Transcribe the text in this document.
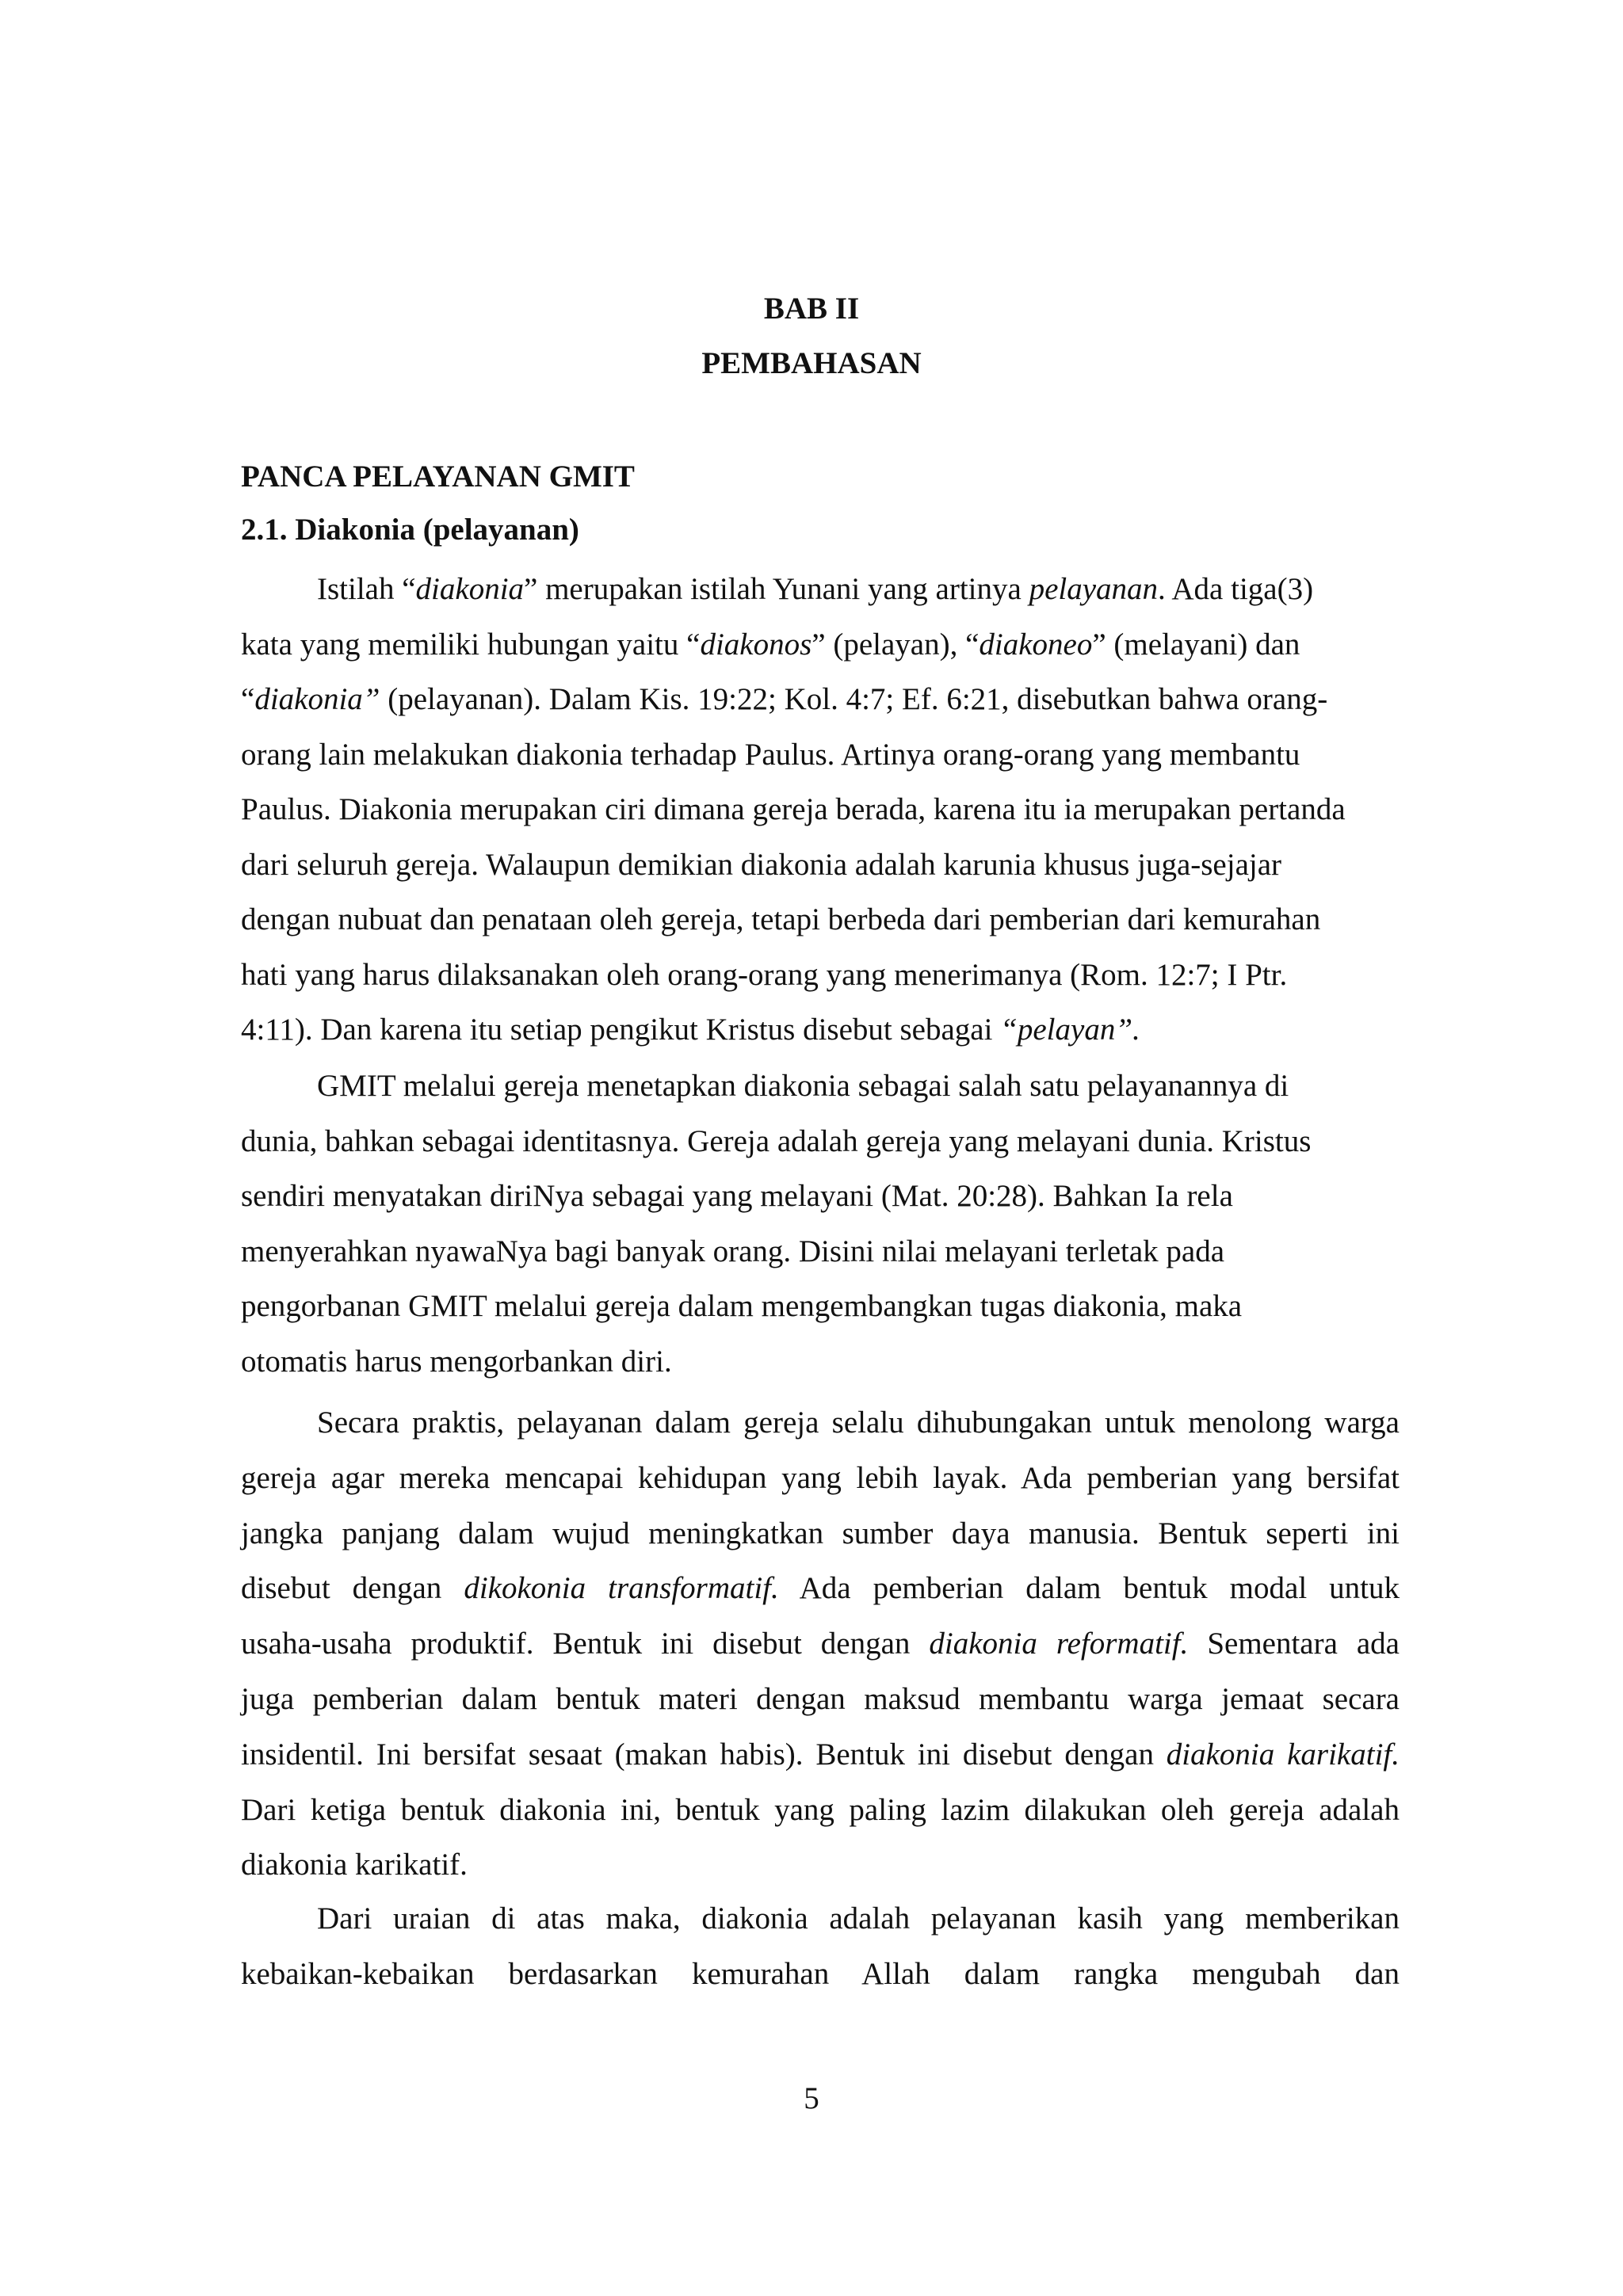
BAB II
PEMBAHASAN
PANCA PELAYANAN GMIT
2.1. Diakonia (pelayanan)

Istilah “diakonia” merupakan istilah Yunani yang artinya pelayanan. Ada tiga(3)
kata yang memiliki hubungan yaitu “diakonos” (pelayan), “diakoneo” (melayani) dan
“diakonia” (pelayanan). Dalam Kis. 19:22; Kol. 4:7; Ef. 6:21, disebutkan bahwa orang-
orang lain melakukan diakonia terhadap Paulus. Artinya orang-orang yang membantu
Paulus. Diakonia merupakan ciri dimana gereja berada, karena itu ia merupakan pertanda
dari seluruh gereja. Walaupun demikian diakonia adalah karunia khusus juga-sejajar
dengan nubuat dan penataan oleh gereja, tetapi berbeda dari pemberian dari kemurahan
hati yang harus dilaksanakan oleh orang-orang yang menerimanya (Rom. 12:7; I Ptr.
4:11). Dan karena itu setiap pengikut Kristus disebut sebagai “pelayan”.

GMIT melalui gereja menetapkan diakonia sebagai salah satu pelayanannya di
dunia, bahkan sebagai identitasnya. Gereja adalah gereja yang melayani dunia. Kristus
sendiri menyatakan diriNya sebagai yang melayani (Mat. 20:28). Bahkan Ia rela
menyerahkan nyawaNya bagi banyak orang. Disini nilai melayani terletak pada
pengorbanan GMIT melalui gereja dalam mengembangkan tugas diakonia, maka
otomatis harus mengorbankan diri.

Secara praktis, pelayanan dalam gereja selalu dihubungakan untuk menolong warga
gereja agar mereka mencapai kehidupan yang lebih layak. Ada pemberian yang bersifat
jangka panjang dalam wujud meningkatkan sumber daya manusia. Bentuk seperti ini
disebut dengan dikokonia transformatif. Ada pemberian dalam bentuk modal untuk
usaha-usaha produktif. Bentuk ini disebut dengan diakonia reformatif. Sementara ada
juga pemberian dalam bentuk materi dengan maksud membantu warga jemaat secara
insidentil. Ini bersifat sesaat (makan habis). Bentuk ini disebut dengan diakonia karikatif.
Dari ketiga bentuk diakonia ini, bentuk yang paling lazim dilakukan oleh gereja adalah
diakonia karikatif.

Dari uraian di atas maka, diakonia adalah pelayanan kasih yang memberikan
kebaikan-kebaikan berdasarkan kemurahan Allah dalam rangka mengubah dan

5
